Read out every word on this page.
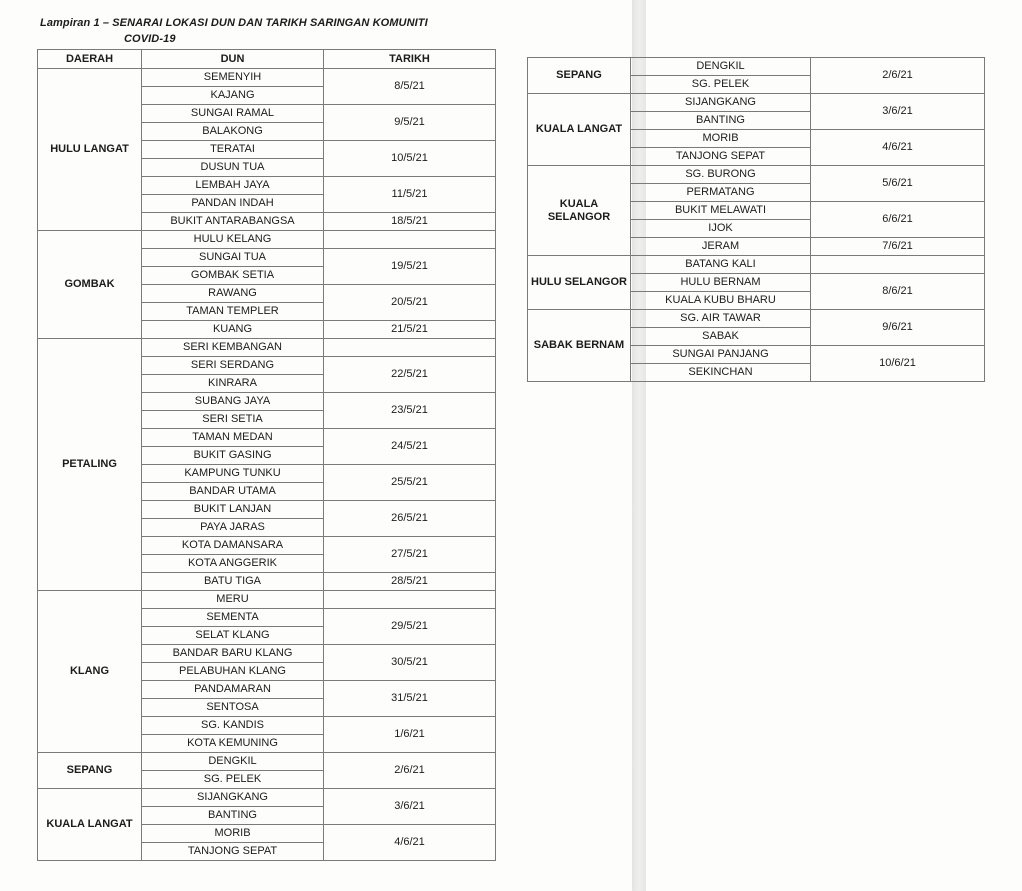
Lampiran 1 – SENARAI LOKASI DUN DAN TARIKH SARINGAN KOMUNITI
COVID-19
DAERAH	DUN	TARIKH
HULU LANGAT	SEMENYIH	8/5/21
	KAJANG	
	SUNGAI RAMAL	9/5/21
	BALAKONG	
	TERATAI	10/5/21
	DUSUN TUA	
	LEMBAH JAYA	11/5/21
	PANDAN INDAH	
	BUKIT ANTARABANGSA	18/5/21
GOMBAK	HULU KELANG	
	SUNGAI TUA	19/5/21
	GOMBAK SETIA	
	RAWANG	20/5/21
	TAMAN TEMPLER	
	KUANG	21/5/21
PETALING	SERI KEMBANGAN	
	SERI SERDANG	22/5/21
	KINRARA	
	SUBANG JAYA	23/5/21
	SERI SETIA	
	TAMAN MEDAN	24/5/21
	BUKIT GASING	
	KAMPUNG TUNKU	25/5/21
	BANDAR UTAMA	
	BUKIT LANJAN	26/5/21
	PAYA JARAS	
	KOTA DAMANSARA	27/5/21
	KOTA ANGGERIK	
	BATU TIGA	28/5/21
KLANG	MERU	
	SEMENTA	29/5/21
	SELAT KLANG	
	BANDAR BARU KLANG	30/5/21
	PELABUHAN KLANG	
	PANDAMARAN	31/5/21
	SENTOSA	
	SG. KANDIS	1/6/21
	KOTA KEMUNING	
SEPANG	DENGKIL	2/6/21
	SG. PELEK	
KUALA LANGAT	SIJANGKANG	3/6/21
	BANTING	
	MORIB	4/6/21
	TANJONG SEPAT	
SEPANG	DENGKIL	2/6/21
	SG. PELEK	
KUALA LANGAT	SIJANGKANG	3/6/21
	BANTING	
	MORIB	4/6/21
	TANJONG SEPAT	
KUALA SELANGOR	SG. BURONG	5/6/21
	PERMATANG	
	BUKIT MELAWATI	6/6/21
	IJOK	
	JERAM	7/6/21
HULU SELANGOR	BATANG KALI	
	HULU BERNAM	8/6/21
	KUALA KUBU BHARU	
SABAK BERNAM	SG. AIR TAWAR	9/6/21
	SABAK	
	SUNGAI PANJANG	10/6/21
	SEKINCHAN	
